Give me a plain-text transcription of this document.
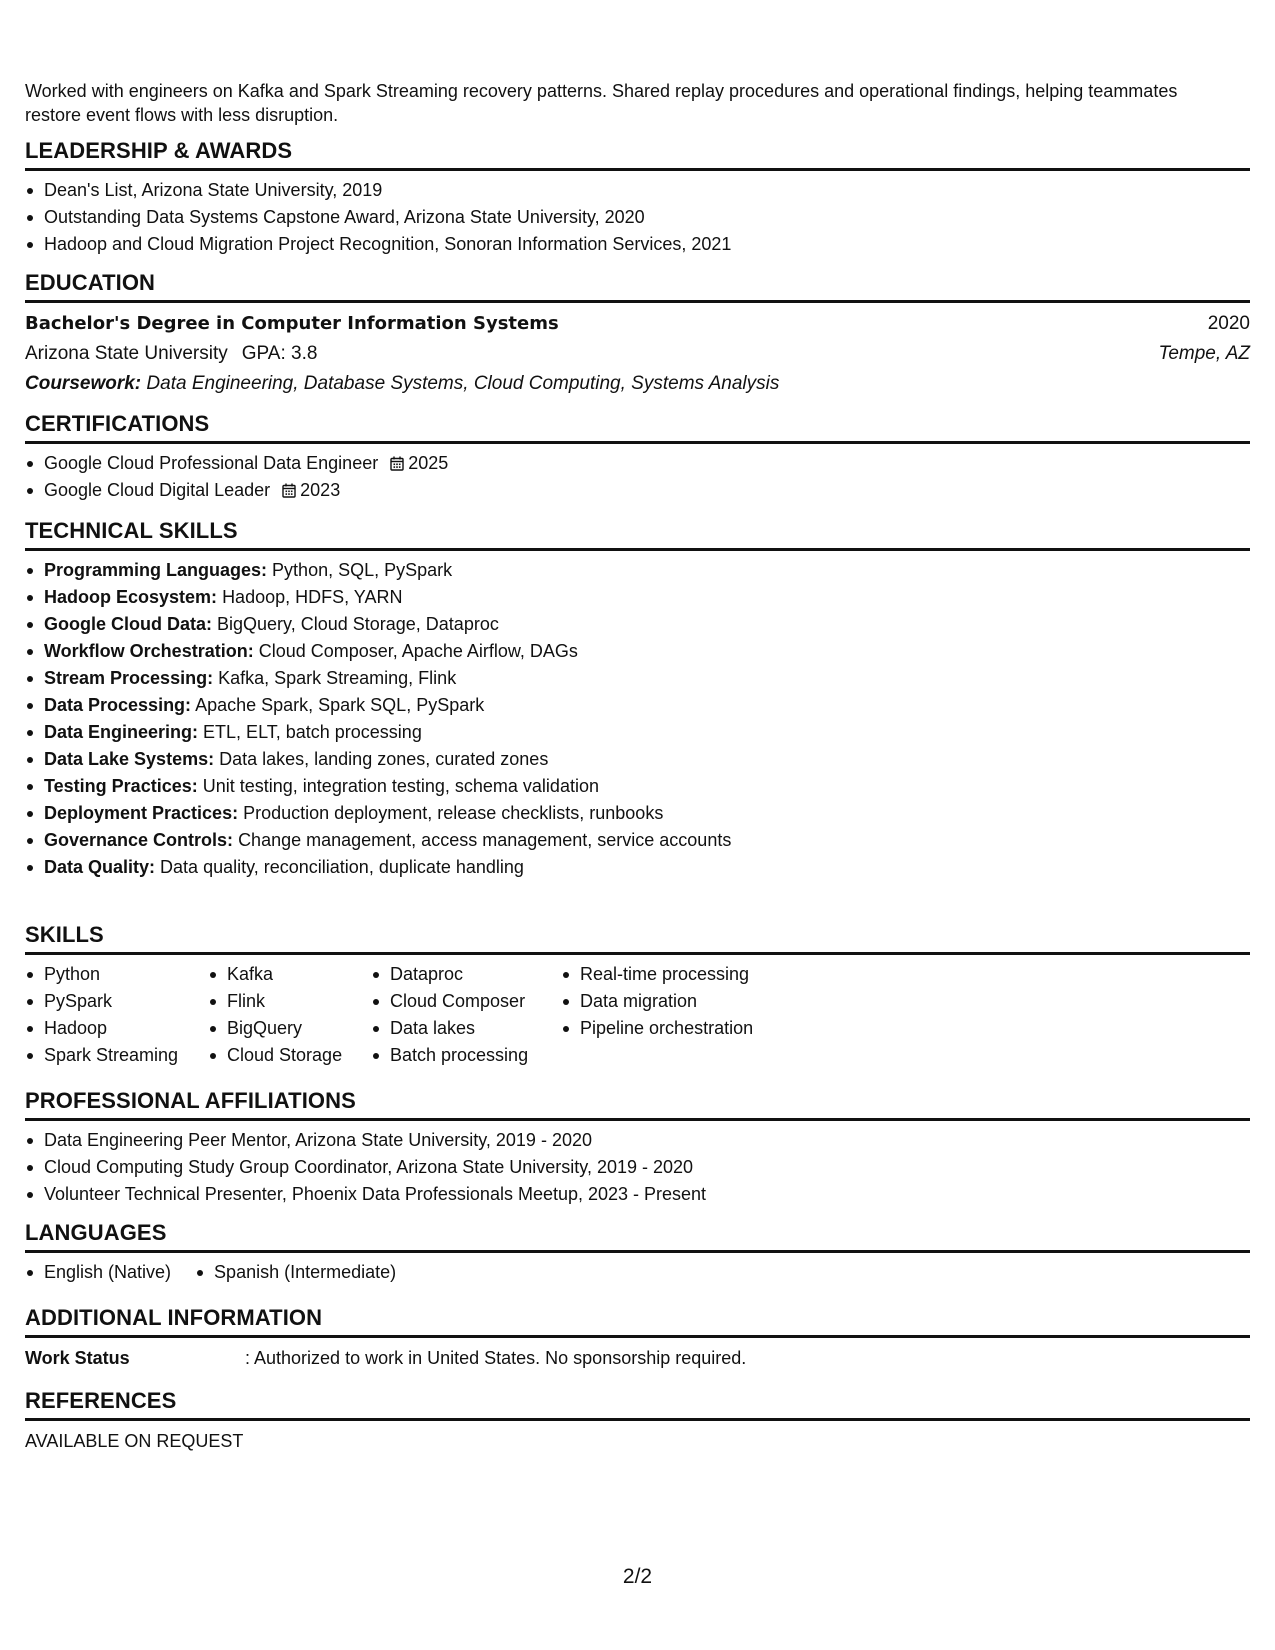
Worked with engineers on Kafka and Spark Streaming recovery patterns. Shared replay procedures and operational findings, helping teammates
restore event flows with less disruption.
LEADERSHIP & AWARDS
Dean's List, Arizona State University, 2019
Outstanding Data Systems Capstone Award, Arizona State University, 2020
Hadoop and Cloud Migration Project Recognition, Sonoran Information Services, 2021
EDUCATION
Bachelor's Degree in Computer Information Systems	2020
Arizona State University GPA: 3.8	Tempe, AZ
Coursework: Data Engineering, Database Systems, Cloud Computing, Systems Analysis
CERTIFICATIONS
Google Cloud Professional Data Engineer 2025
Google Cloud Digital Leader 2023
TECHNICAL SKILLS
Programming Languages: Python, SQL, PySpark
Hadoop Ecosystem: Hadoop, HDFS, YARN
Google Cloud Data: BigQuery, Cloud Storage, Dataproc
Workflow Orchestration: Cloud Composer, Apache Airflow, DAGs
Stream Processing: Kafka, Spark Streaming, Flink
Data Processing: Apache Spark, Spark SQL, PySpark
Data Engineering: ETL, ELT, batch processing
Data Lake Systems: Data lakes, landing zones, curated zones
Testing Practices: Unit testing, integration testing, schema validation
Deployment Practices: Production deployment, release checklists, runbooks
Governance Controls: Change management, access management, service accounts
Data Quality: Data quality, reconciliation, duplicate handling
SKILLS
Python
PySpark
Hadoop
Spark Streaming
Kafka
Flink
BigQuery
Cloud Storage
Dataproc
Cloud Composer
Data lakes
Batch processing
Real-time processing
Data migration
Pipeline orchestration
PROFESSIONAL AFFILIATIONS
Data Engineering Peer Mentor, Arizona State University, 2019 - 2020
Cloud Computing Study Group Coordinator, Arizona State University, 2019 - 2020
Volunteer Technical Presenter, Phoenix Data Professionals Meetup, 2023 - Present
LANGUAGES
English (Native)	Spanish (Intermediate)
ADDITIONAL INFORMATION
Work Status	: Authorized to work in United States. No sponsorship required.
REFERENCES
AVAILABLE ON REQUEST
2/2
